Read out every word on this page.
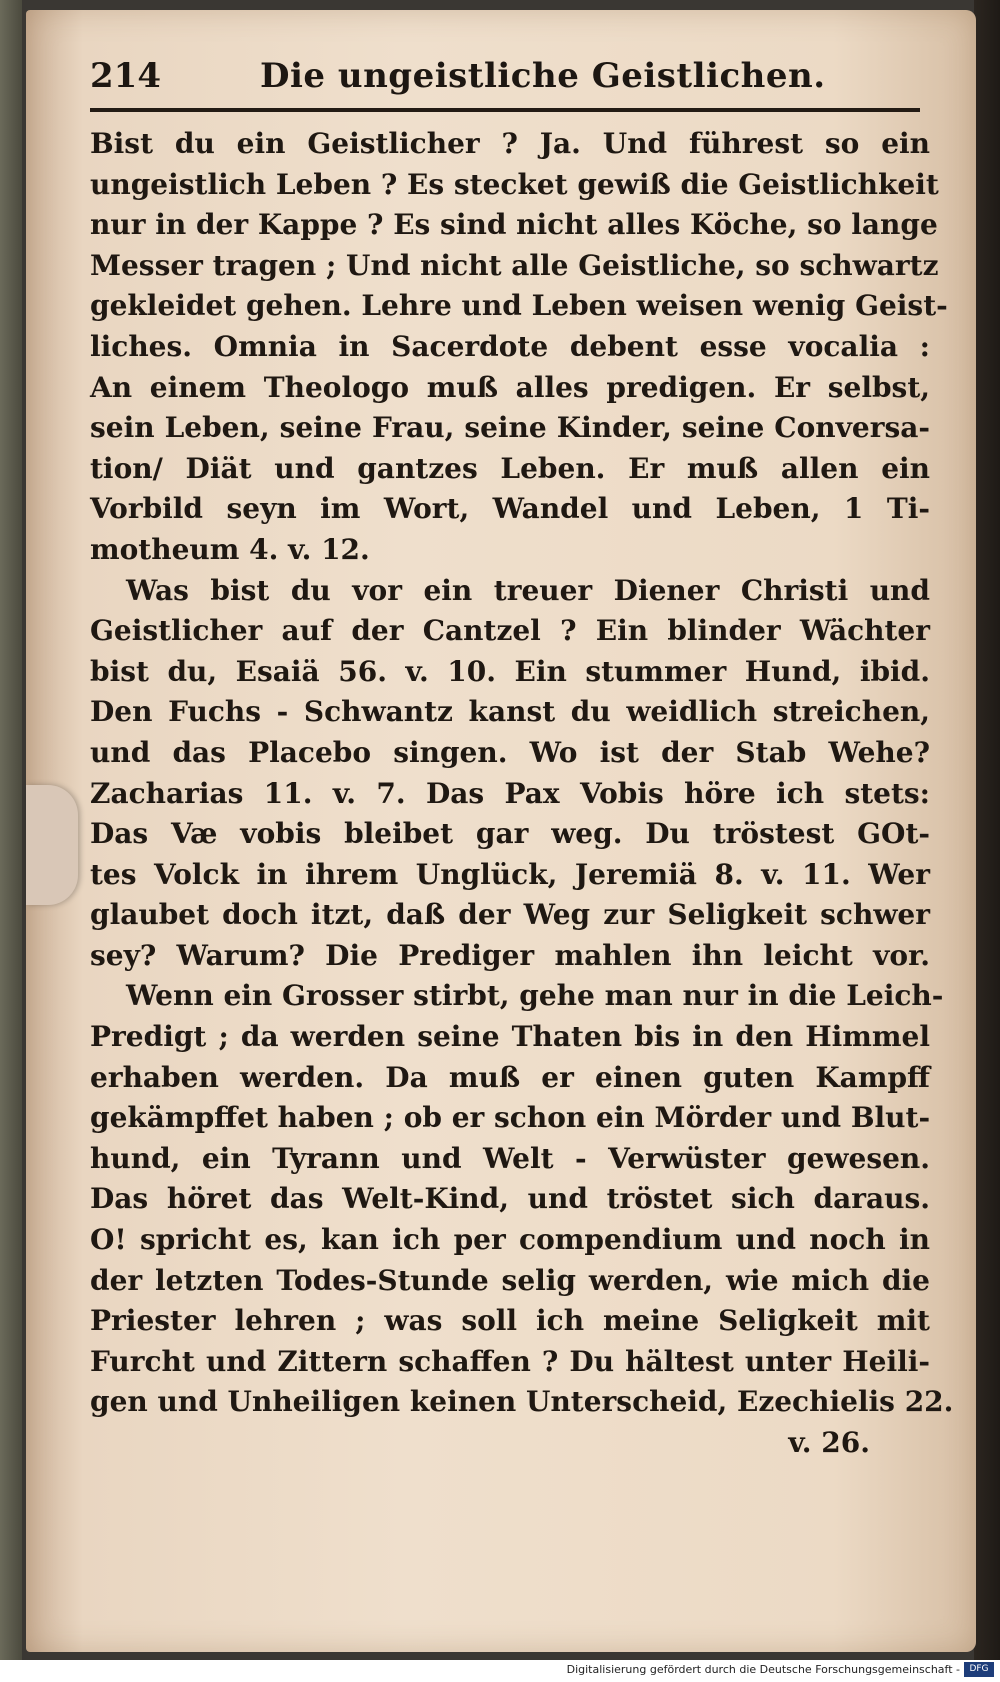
214	Die ungeistliche Geistlichen.
Bist du ein Geistlicher ? Ja. Und führest so ein
ungeistlich Leben ? Es stecket gewiß die Geistlichkeit
nur in der Kappe ? Es sind nicht alles Köche, so lange
Messer tragen ; Und nicht alle Geistliche, so schwartz
gekleidet gehen. Lehre und Leben weisen wenig Geist-
liches. Omnia in Sacerdote debent esse vocalia :
An einem Theologo muß alles predigen. Er selbst,
sein Leben, seine Frau, seine Kinder, seine Conversa-
tion/ Diät und gantzes Leben. Er muß allen ein
Vorbild seyn im Wort, Wandel und Leben, 1 Ti-
motheum 4. v. 12.
Was bist du vor ein treuer Diener Christi und
Geistlicher auf der Cantzel ? Ein blinder Wächter
bist du, Esaiä 56. v. 10. Ein stummer Hund, ibid.
Den Fuchs - Schwantz kanst du weidlich streichen,
und das Placebo singen. Wo ist der Stab Wehe?
Zacharias 11. v. 7. Das Pax Vobis höre ich stets:
Das Væ vobis bleibet gar weg. Du tröstest GOt-
tes Volck in ihrem Unglück, Jeremiä 8. v. 11. Wer
glaubet doch itzt, daß der Weg zur Seligkeit schwer
sey? Warum? Die Prediger mahlen ihn leicht vor.
Wenn ein Grosser stirbt, gehe man nur in die Leich-
Predigt ; da werden seine Thaten bis in den Himmel
erhaben werden. Da muß er einen guten Kampff
gekämpffet haben ; ob er schon ein Mörder und Blut-
hund, ein Tyrann und Welt - Verwüster gewesen.
Das höret das Welt-Kind, und tröstet sich daraus.
O! spricht es, kan ich per compendium und noch in
der letzten Todes-Stunde selig werden, wie mich die
Priester lehren ; was soll ich meine Seligkeit mit
Furcht und Zittern schaffen ? Du hältest unter Heili-
gen und Unheiligen keinen Unterscheid, Ezechielis 22.
v. 26.
Digitalisierung gefördert durch die Deutsche Forschungsgemeinschaft -	DFG
